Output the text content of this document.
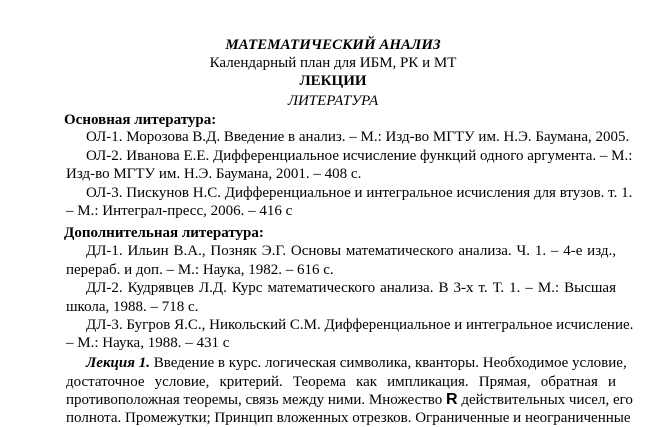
МАТЕМАТИЧЕСКИЙ АНАЛИЗ
Календарный план для ИБМ, РК и МТ
ЛЕКЦИИ
ЛИТЕРАТУРА
Основная литература:
ОЛ-1. Морозова В.Д. Введение в анализ. – М.: Изд-во МГТУ им. Н.Э. Баумана, 2005.
ОЛ-2. Иванова Е.Е. Дифференциальное исчисление функций одного аргумента. – М.:
Изд-во МГТУ им. Н.Э. Баумана, 2001. – 408 с.
ОЛ-3. Пискунов Н.С. Дифференциальное и интегральное исчисления для втузов. т. 1.
– М.: Интеграл-пресс, 2006. – 416 с
Дополнительная литература:
ДЛ-1. Ильин В.А., Позняк Э.Г. Основы математического анализа. Ч. 1. – 4-е изд.,
перераб. и доп. – М.: Наука, 1982. – 616 с.
ДЛ-2. Кудрявцев Л.Д. Курс математического анализа. В 3-х т. Т. 1. – М.: Высшая
школа, 1988. – 718 с.
ДЛ-3. Бугров Я.С., Никольский С.М. Дифференциальное и интегральное исчисление.
– М.: Наука, 1988. – 431 с
Лекция 1. Введение в курс. логическая символика, кванторы. Необходимое условие,
достаточное условие, критерий. Теорема как импликация. Прямая, обратная и
противоположная теоремы, связь между ними. Множество R действительных чисел, его
полнота. Промежутки; Принцип вложенных отрезков. Ограниченные и неограниченные
